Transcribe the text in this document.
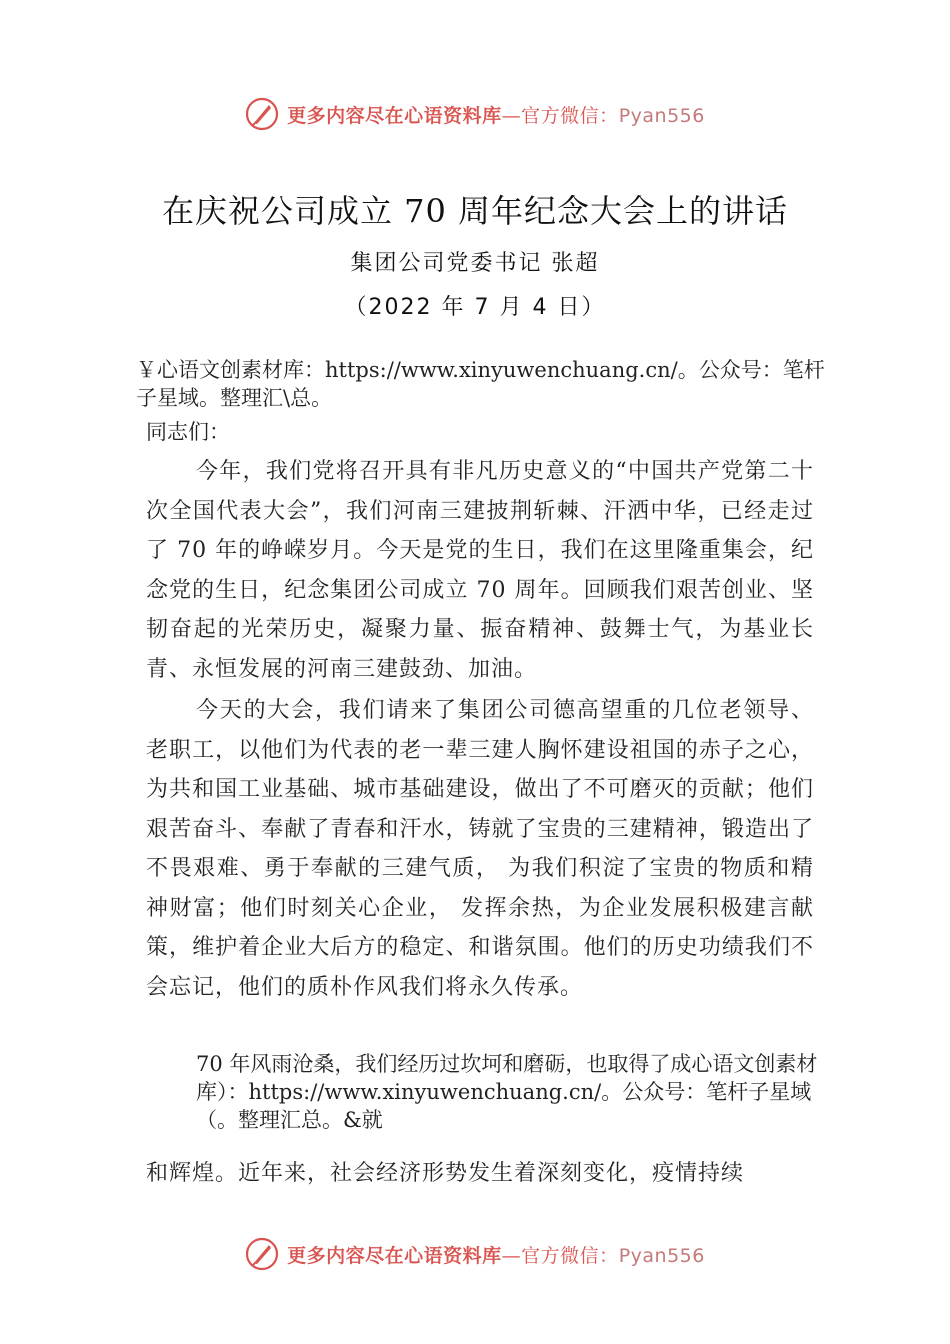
更多内容尽在心语资料库—官方微信：Pyan556
在庆祝公司成立 70 周年纪念大会上的讲话
集团公司党委书记 张超
（2022 年 7 月 4 日）
￥心语文创素材库：https://www.xinyuwenchuang.cn/。公众号：笔杆子星域。整理汇\总。
同志们：
今年，我们党将召开具有非凡历史意义的“中国共产党第二十次全国代表大会”，我们河南三建披荆斩棘、汗洒中华，已经走过了 70 年的峥嵘岁月。今天是党的生日，我们在这里隆重集会，纪念党的生日，纪念集团公司成立 70 周年。回顾我们艰苦创业、坚韧奋起的光荣历史，凝聚力量、振奋精神、鼓舞士气，为基业长青、永恒发展的河南三建鼓劲、加油。
今天的大会，我们请来了集团公司德高望重的几位老领导、老职工，以他们为代表的老一辈三建人胸怀建设祖国的赤子之心，为共和国工业基础、城市基础建设，做出了不可磨灭的贡献；他们艰苦奋斗、奉献了青春和汗水，铸就了宝贵的三建精神，锻造出了不畏艰难、勇于奉献的三建气质， 为我们积淀了宝贵的物质和精神财富；他们时刻关心企业， 发挥余热，为企业发展积极建言献策，维护着企业大后方的稳定、和谐氛围。他们的历史功绩我们不会忘记，他们的质朴作风我们将永久传承。
70 年风雨沧桑，我们经历过坎坷和磨砺，也取得了成心语文创素材库）：https://www.xinyuwenchuang.cn/。公众号：笔杆子星域（。整理汇总。&就
和辉煌。近年来，社会经济形势发生着深刻变化，疫情持续
更多内容尽在心语资料库—官方微信：Pyan556
